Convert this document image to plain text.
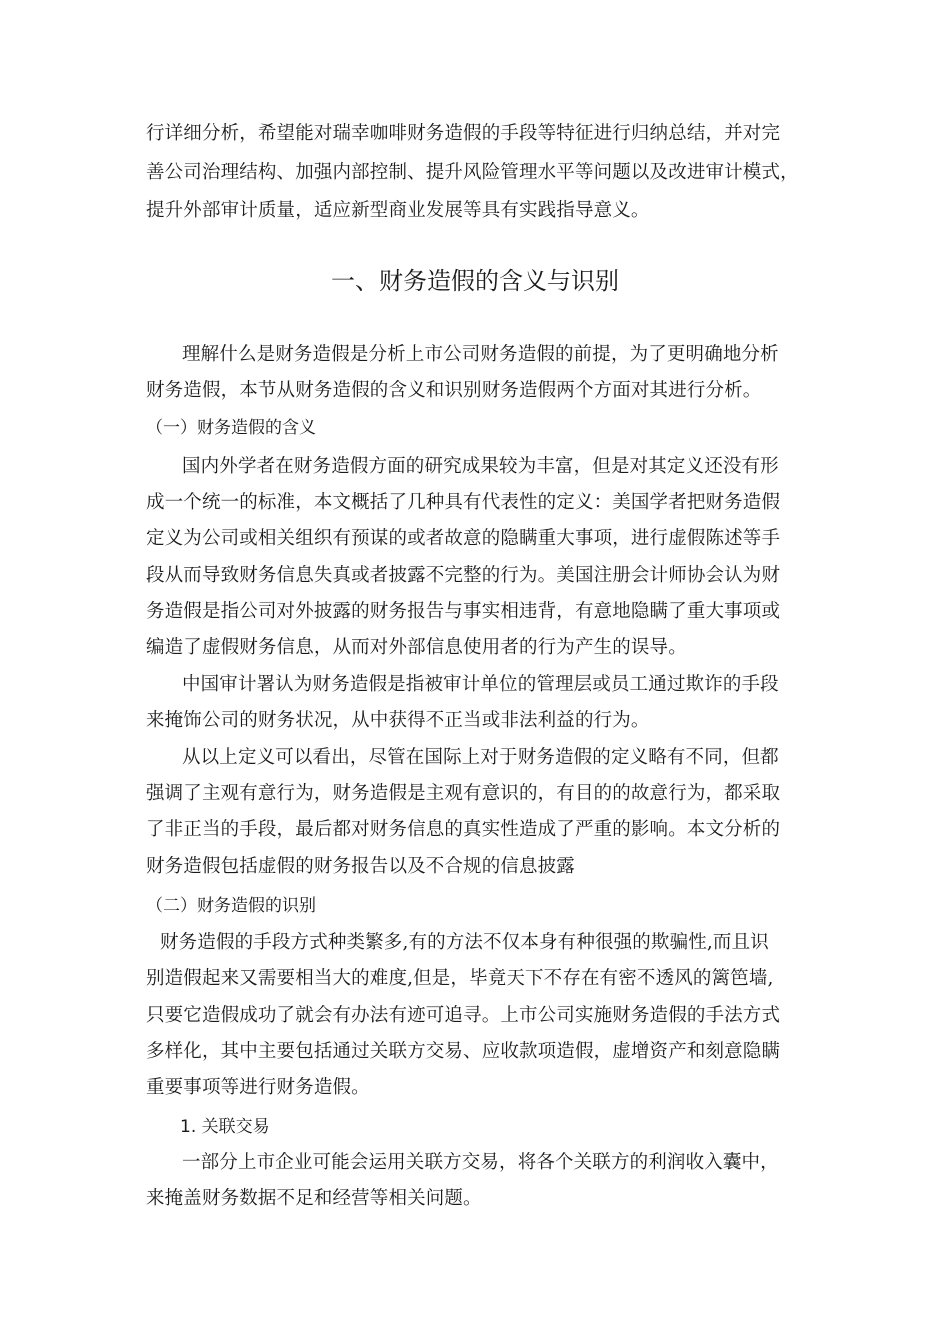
行详细分析，希望能对瑞幸咖啡财务造假的手段等特征进行归纳总结，并对完
善公司治理结构、加强内部控制、提升风险管理水平等问题以及改进审计模式，
提升外部审计质量，适应新型商业发展等具有实践指导意义。
一、财务造假的含义与识别
理解什么是财务造假是分析上市公司财务造假的前提，为了更明确地分析
财务造假，本节从财务造假的含义和识别财务造假两个方面对其进行分析。
（一）财务造假的含义
国内外学者在财务造假方面的研究成果较为丰富，但是对其定义还没有形
成一个统一的标准，本文概括了几种具有代表性的定义：美国学者把财务造假
定义为公司或相关组织有预谋的或者故意的隐瞒重大事项，进行虚假陈述等手
段从而导致财务信息失真或者披露不完整的行为。美国注册会计师协会认为财
务造假是指公司对外披露的财务报告与事实相违背，有意地隐瞒了重大事项或
编造了虚假财务信息，从而对外部信息使用者的行为产生的误导。
中国审计署认为财务造假是指被审计单位的管理层或员工通过欺诈的手段
来掩饰公司的财务状况，从中获得不正当或非法利益的行为。
从以上定义可以看出，尽管在国际上对于财务造假的定义略有不同，但都
强调了主观有意行为，财务造假是主观有意识的，有目的的故意行为，都采取
了非正当的手段，最后都对财务信息的真实性造成了严重的影响。本文分析的
财务造假包括虚假的财务报告以及不合规的信息披露
（二）财务造假的识别
财务造假的手段方式种类繁多,有的方法不仅本身有种很强的欺骗性,而且识
别造假起来又需要相当大的难度,但是，毕竟天下不存在有密不透风的篱笆墙,
只要它造假成功了就会有办法有迹可追寻。上市公司实施财务造假的手法方式
多样化，其中主要包括通过关联方交易、应收款项造假，虚增资产和刻意隐瞒
重要事项等进行财务造假。
1. 关联交易
一部分上市企业可能会运用关联方交易，将各个关联方的利润收入囊中，
来掩盖财务数据不足和经营等相关问题。
